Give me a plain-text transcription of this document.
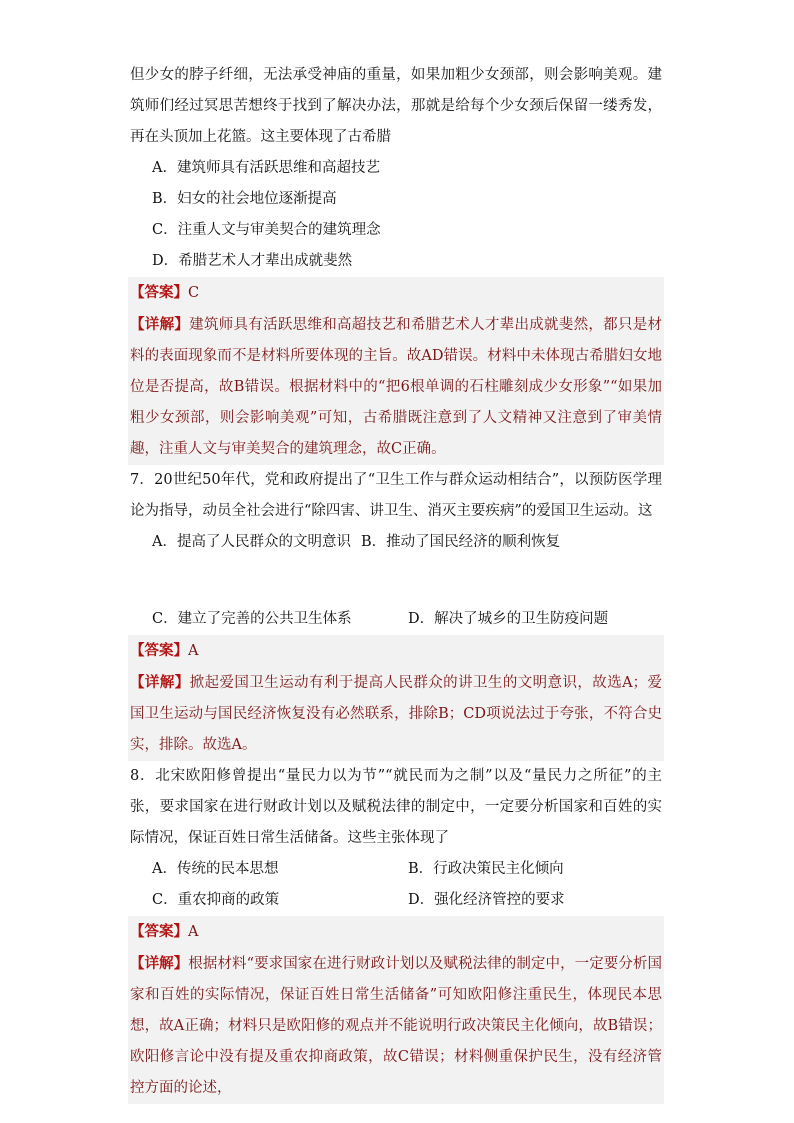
但少女的脖子纤细，无法承受神庙的重量，如果加粗少女颈部，则会影响美观。建筑师们经过冥思苦想终于找到了解决办法，那就是给每个少女颈后保留一缕秀发，再在头顶加上花篮。这主要体现了古希腊

A．建筑师具有活跃思维和高超技艺

B．妇女的社会地位逐渐提高

C．注重人文与审美契合的建筑理念

D．希腊艺术人才辈出成就斐然

【答案】C

【详解】建筑师具有活跃思维和高超技艺和希腊艺术人才辈出成就斐然，都只是材料的表面现象而不是材料所要体现的主旨。故AD错误。材料中未体现古希腊妇女地位是否提高，故B错误。根据材料中的“把6根单调的石柱雕刻成少女形象”“如果加粗少女颈部，则会影响美观”可知，古希腊既注意到了人文精神又注意到了审美情趣，注重人文与审美契合的建筑理念，故C正确。

7．20世纪50年代，党和政府提出了“卫生工作与群众运动相结合”，以预防医学理论为指导，动员全社会进行“除四害、讲卫生、消灭主要疾病”的爱国卫生运动。这

A．提高了人民群众的文明意识 B．推动了国民经济的顺利恢复
C．建立了完善的公共卫生体系	D．解决了城乡的卫生防疫问题

【答案】A

【详解】掀起爱国卫生运动有利于提高人民群众的讲卫生的文明意识，故选A；爱国卫生运动与国民经济恢复没有必然联系，排除B；CD项说法过于夸张，不符合史实，排除。故选A。

8．北宋欧阳修曾提出“量民力以为节”“就民而为之制”以及“量民力之所征”的主张，要求国家在进行财政计划以及赋税法律的制定中，一定要分析国家和百姓的实际情况，保证百姓日常生活储备。这些主张体现了

A．传统的民本思想	B．行政决策民主化倾向
C．重农抑商的政策	D．强化经济管控的要求

【答案】A

【详解】根据材料“要求国家在进行财政计划以及赋税法律的制定中，一定要分析国家和百姓的实际情况，保证百姓日常生活储备”可知欧阳修注重民生，体现民本思想，故A正确；材料只是欧阳修的观点并不能说明行政决策民主化倾向，故B错误；欧阳修言论中没有提及重农抑商政策，故C错误；材料侧重保护民生，没有经济管控方面的论述，
